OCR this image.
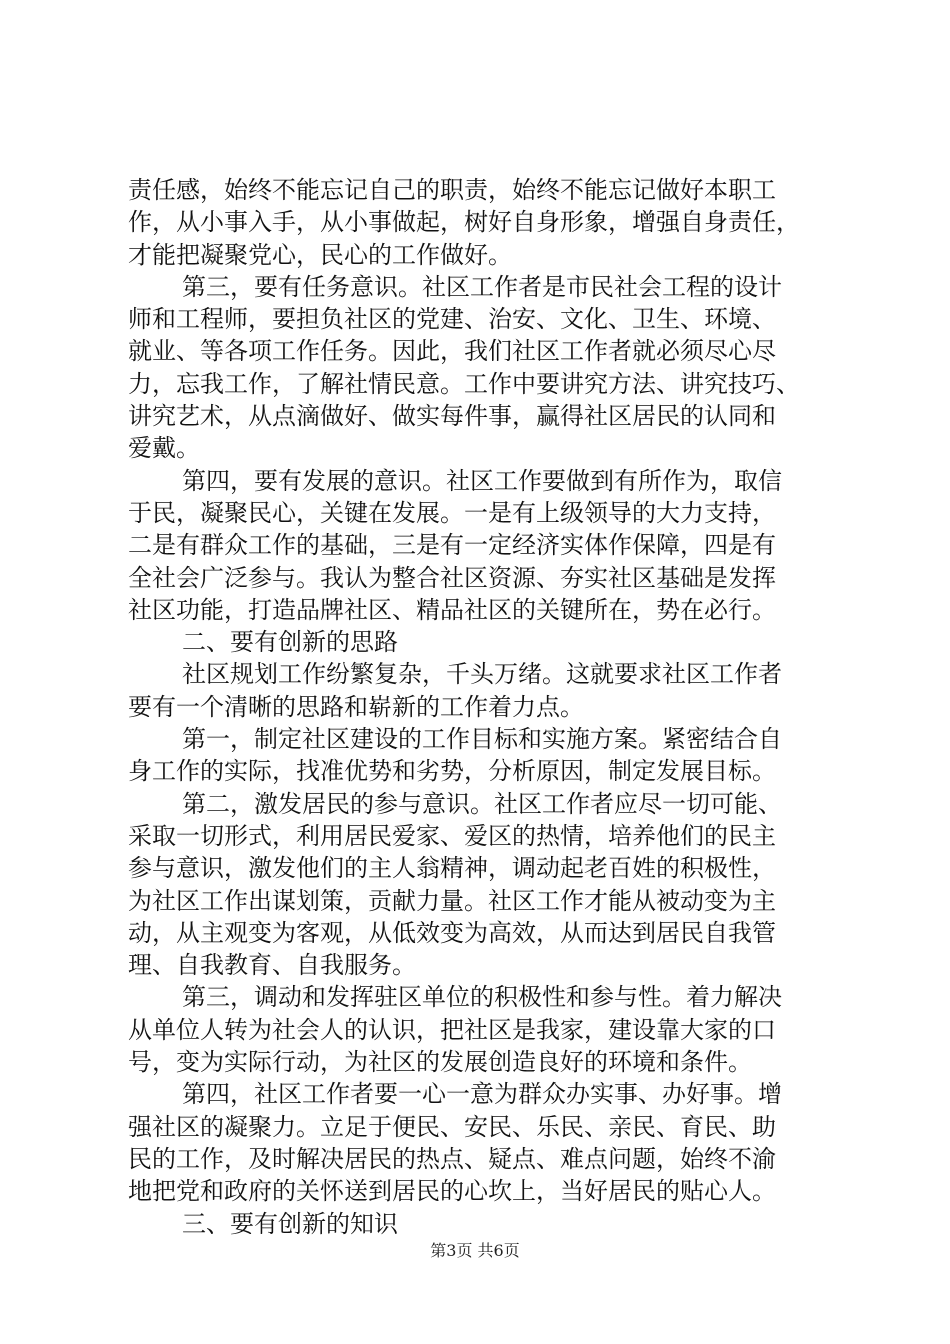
责任感，始终不能忘记自己的职责，始终不能忘记做好本职工
作，从小事入手，从小事做起，树好自身形象，增强自身责任，
才能把凝聚党心，民心的工作做好。
第三，要有任务意识。社区工作者是市民社会工程的设计
师和工程师，要担负社区的党建、治安、文化、卫生、环境、
就业、等各项工作任务。因此，我们社区工作者就必须尽心尽
力，忘我工作，了解社情民意。工作中要讲究方法、讲究技巧、
讲究艺术，从点滴做好、做实每件事，赢得社区居民的认同和
爱戴。
第四，要有发展的意识。社区工作要做到有所作为，取信
于民，凝聚民心，关键在发展。一是有上级领导的大力支持，
二是有群众工作的基础，三是有一定经济实体作保障，四是有
全社会广泛参与。我认为整合社区资源、夯实社区基础是发挥
社区功能，打造品牌社区、精品社区的关键所在，势在必行。
二、要有创新的思路
社区规划工作纷繁复杂，千头万绪。这就要求社区工作者
要有一个清晰的思路和崭新的工作着力点。
第一，制定社区建设的工作目标和实施方案。紧密结合自
身工作的实际，找准优势和劣势，分析原因，制定发展目标。
第二，激发居民的参与意识。社区工作者应尽一切可能、
采取一切形式，利用居民爱家、爱区的热情，培养他们的民主
参与意识，激发他们的主人翁精神，调动起老百姓的积极性，
为社区工作出谋划策，贡献力量。社区工作才能从被动变为主
动，从主观变为客观，从低效变为高效，从而达到居民自我管
理、自我教育、自我服务。
第三，调动和发挥驻区单位的积极性和参与性。着力解决
从单位人转为社会人的认识，把社区是我家，建设靠大家的口
号，变为实际行动，为社区的发展创造良好的环境和条件。
第四，社区工作者要一心一意为群众办实事、办好事。增
强社区的凝聚力。立足于便民、安民、乐民、亲民、育民、助
民的工作，及时解决居民的热点、疑点、难点问题，始终不渝
地把党和政府的关怀送到居民的心坎上，当好居民的贴心人。
三、要有创新的知识
第3页 共6页
